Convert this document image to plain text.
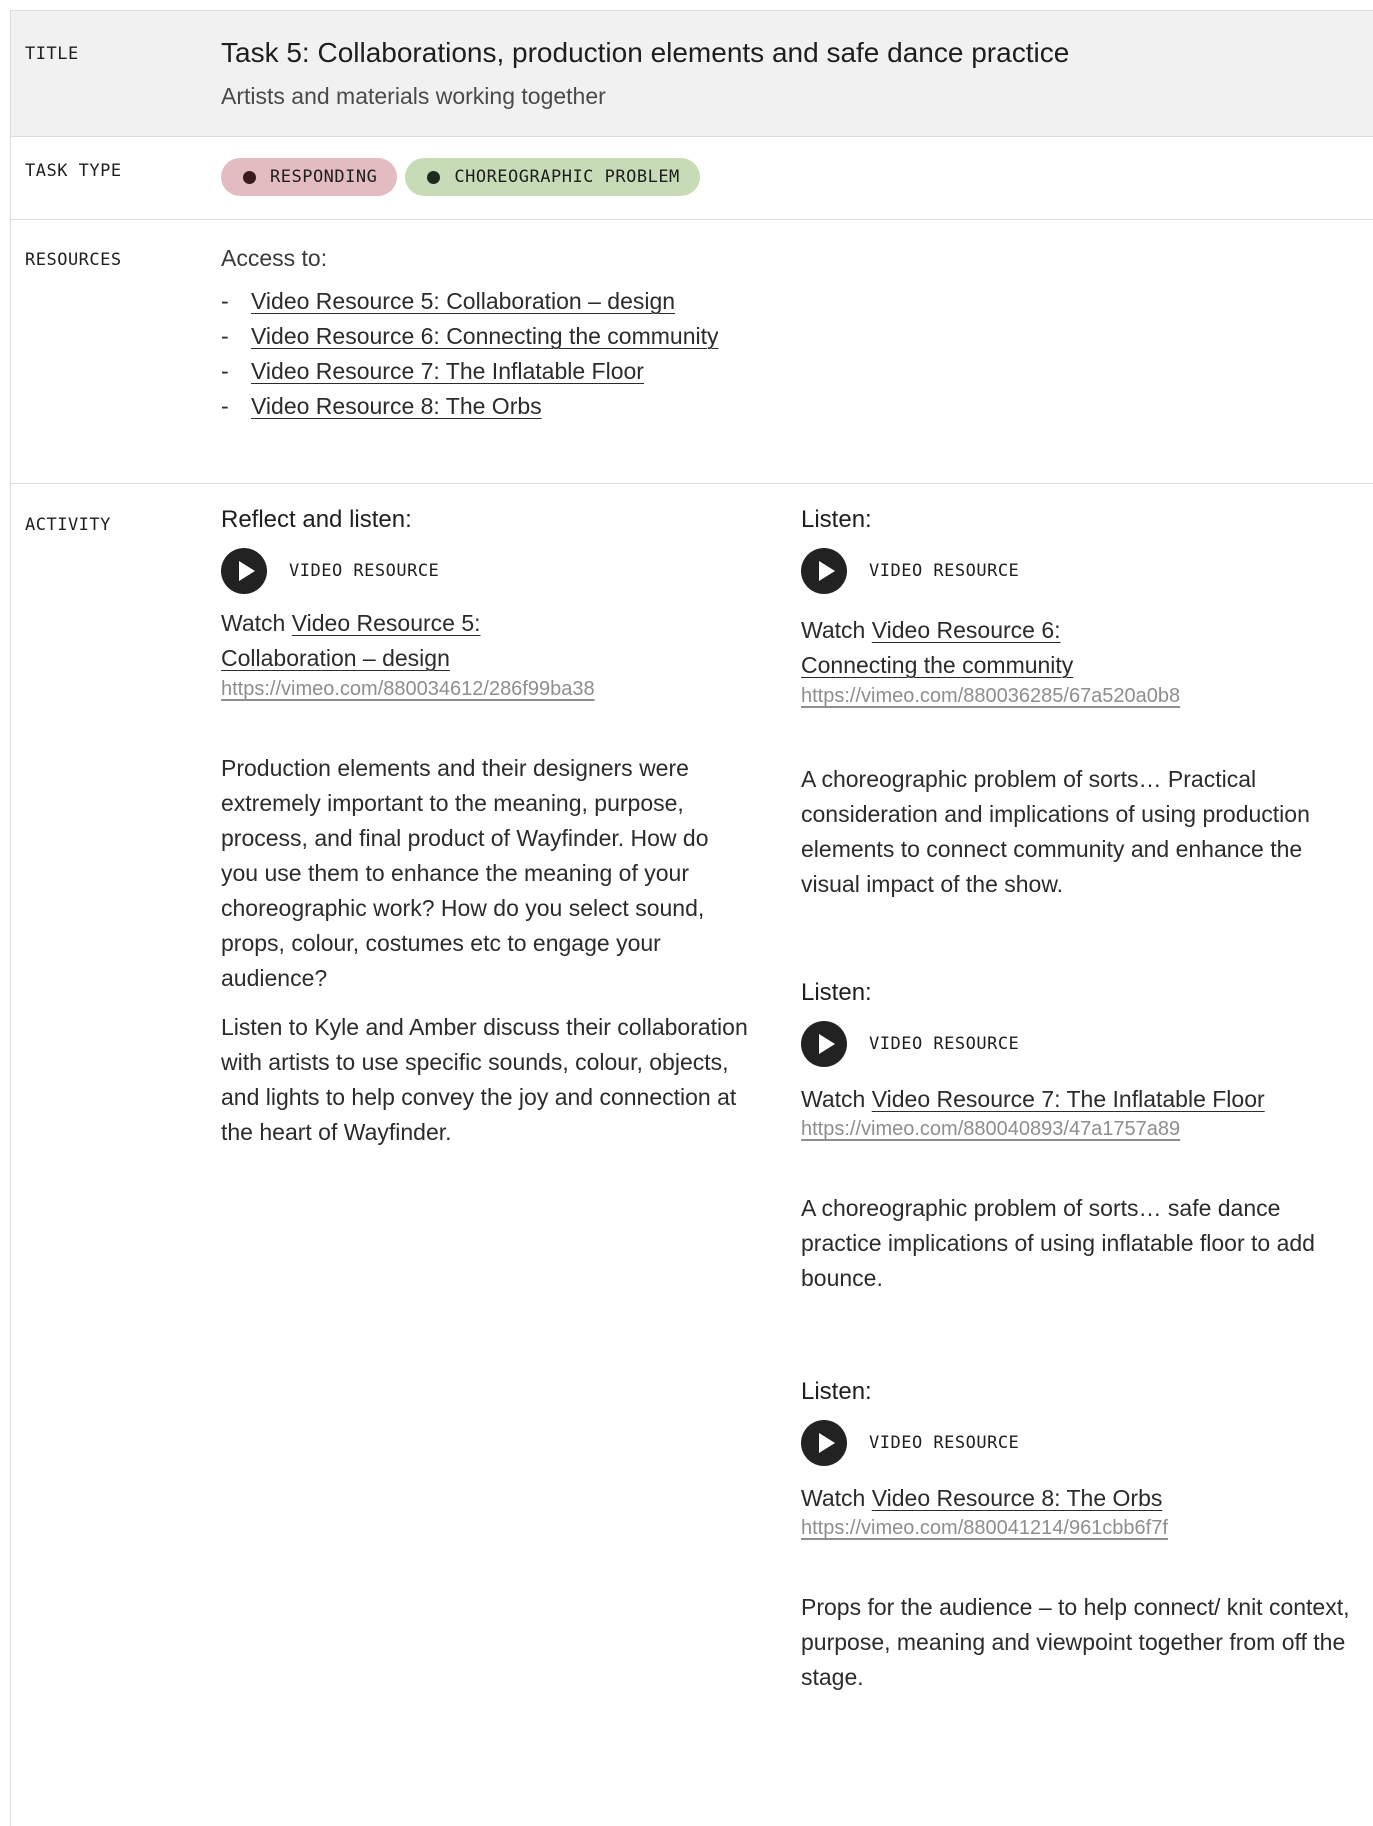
TITLE	Task 5: Collaborations, production elements and safe dance practice
Artists and materials working together
TASK TYPE	RESPONDING	CHOREOGRAPHIC PROBLEM
RESOURCES	Access to:
- Video Resource 5: Collaboration – design
- Video Resource 6: Connecting the community
- Video Resource 7: The Inflatable Floor
- Video Resource 8: The Orbs
ACTIVITY	Reflect and listen:
VIDEO RESOURCE
Watch Video Resource 5:
Collaboration – design
https://vimeo.com/880034612/286f99ba38

Production elements and their designers were extremely important to the meaning, purpose, process, and final product of Wayfinder. How do you use them to enhance the meaning of your choreographic work? How do you select sound, props, colour, costumes etc to engage your audience?

Listen to Kyle and Amber discuss their collaboration with artists to use specific sounds, colour, objects, and lights to help convey the joy and connection at the heart of Wayfinder.

Listen:
VIDEO RESOURCE
Watch Video Resource 6:
Connecting the community
https://vimeo.com/880036285/67a520a0b8

A choreographic problem of sorts… Practical consideration and implications of using production elements to connect community and enhance the visual impact of the show.

Listen:
VIDEO RESOURCE
Watch Video Resource 7: The Inflatable Floor
https://vimeo.com/880040893/47a1757a89

A choreographic problem of sorts… safe dance practice implications of using inflatable floor to add bounce.

Listen:
VIDEO RESOURCE
Watch Video Resource 8: The Orbs
https://vimeo.com/880041214/961cbb6f7f

Props for the audience – to help connect/ knit context, purpose, meaning and viewpoint together from off the stage.
